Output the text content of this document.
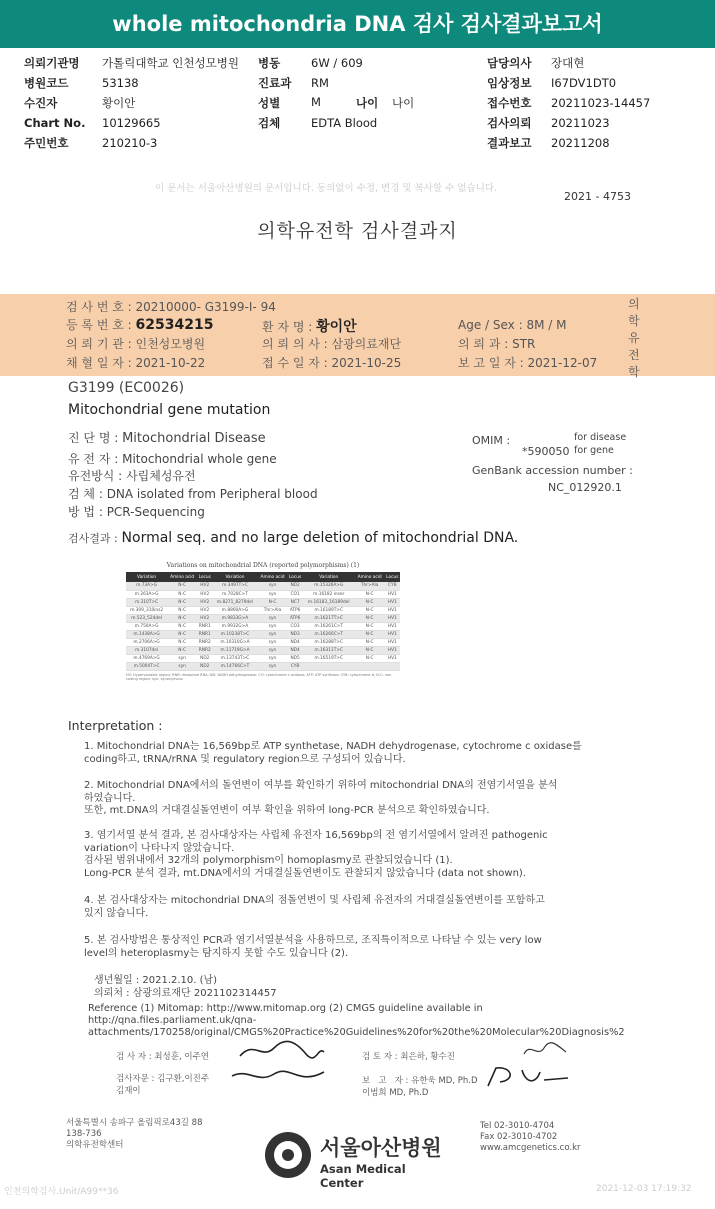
whole mitochondria DNA 검사 검사결과보고서
의뢰기관명	가톨릭대학교 인천성모병원	병동	6W / 609	담당의사	장대현
병원코드	53138	진료과	RM	임상정보	I67DV1DT0
수진자	황이안	성별	M	나이	나이	접수번호	20211023-14457
Chart No.	10129665	검체	EDTA Blood	검사의뢰	20211023
주민번호	210210-3	결과보고	20211208
이 문서는 서울아산병원의 문서입니다. 동의없이 수정, 변경 및 복사할 수 없습니다.
2021 - 4753
의학유전학 검사결과지
검 사 번 호 : 20210000- G3199-I- 94
등 록 번 호 : 62534215	환 자 명 : 황이안	Age / Sex : 8M / M
의 뢰 기 관 : 인천성모병원	의 뢰 의 사 : 삼광의료재단	의 뢰 과 : STR
채 혈 일 자 : 2021-10-22	접 수 일 자 : 2021-10-25	보 고 일 자 : 2021-12-07
의학유전학
G3199 (EC0026)
Mitochondrial gene mutation
진 단 명 : Mitochondrial Disease
유 전 자 : Mitochondrial whole gene
유전방식 : 사립체성유전
검 체 : DNA isolated from Peripheral blood
방 법 : PCR-Sequencing
OMIM :	for disease
*590050 for gene
GenBank accession number :
NC_012920.1
검사결과 : Normal seq. and no large deletion of mitochondrial DNA.
Variations on mitochondrial DNA (reported polymorphisms) (1)
Variation	Amino acid	Locus	Variation	Amino acid	Locus	Variation	Amino acid	Locus
m.73A>G	N-C	HV2	m.3497T>C	syn	ND2	m.15326A>G	Thr>Ala	CYB
m.263A>G	N-C	HV2	m.7028C>T	syn	CO1	m.16182 inser	N-C	HV1
m.310T>C	N-C	HV2	m.8271_8279del	N-C	NC7	m.16183_16189del	N-C	HV1
m.309_310ins2	N-C	HV2	m.8860A>G	Thr>Ala	ATP6	m.16189T>C	N-C	HV1
m.523_524del	N-C	HV2	m.9833G>A	syn	ATP6	m.16217T>C	N-C	HV1
m.750A>G	N-C	RNR1	m.9932G>A	syn	CO3	m.16261C>T	N-C	HV1
m.1438A>G	N-C	RNR1	m.10238T>C	syn	ND3	m.16266C>T	N-C	HV1
m.2706A>G	N-C	RNR2	m.10310G>A	syn	ND4	m.16288T>C	N-C	HV1
m.3107del	N-C	RNR2	m.11719G>A	syn	ND4	m.16311T>C	N-C	HV1
m.4769A>G	syn	ND2	m.13743T>C	syn	ND5	m.16519T>C	N-C	HV1
m.5004T>C	syn	ND2	m.14766C>T	syn	CYB			
HV: Hypervariable region; RNR: ribosomal RNA; ND: NADH dehydrogenase; CO: cytochrome c oxidase; ATP: ATP synthase; CYB: cytochrome b; N-C: non-coding region; syn: synonymous
Interpretation :
1. Mitochondrial DNA는 16,569bp로 ATP synthetase, NADH dehydrogenase, cytochrome c oxidase를
coding하고, tRNA/rRNA 및 regulatory region으로 구성되어 있습니다.
2. Mitochondrial DNA에서의 돌연변이 여부를 확인하기 위하여 mitochondrial DNA의 전염기서열을 분석
하였습니다.
또한, mt.DNA의 거대결실돌연변이 여부 확인을 위하여 long-PCR 분석으로 확인하였습니다.
3. 염기서열 분석 결과, 본 검사대상자는 사립체 유전자 16,569bp의 전 염기서열에서 알려진 pathogenic
variation이 나타나지 않았습니다.
검사된 범위내에서 32개의 polymorphism이 homoplasmy로 관찰되었습니다 (1).
Long-PCR 분석 결과, mt.DNA에서의 거대결실돌연변이도 관찰되지 않았습니다 (data not shown).
4. 본 검사대상자는 mitochondrial DNA의 점돌연변이 및 사립체 유전자의 거대결실돌연변이를 포함하고
있지 않습니다.
5. 본 검사방법은 통상적인 PCR과 염기서열분석을 사용하므로, 조직특이적으로 나타날 수 있는 very low
level의 heteroplasmy는 탐지하지 못할 수도 있습니다 (2).
생년월일 : 2021.2.10. (남)
의뢰처 : 삼광의료재단 2021102314457
Reference (1) Mitomap: http://www.mitomap.org (2) CMGS guideline available in
http://qna.files.parliament.uk/qna-
attachments/170258/original/CMGS%20Practice%20Guidelines%20for%20the%20Molecular%20Diagnosis%2
검 사 자 : 최성훈, 이주연	검 토 자 : 최은하, 황수진
검사자문 : 김구환,이진주
김재이
보   고   자 : 유한욱 MD, Ph.D
이범희 MD, Ph.D
서울특별시 송파구 올림픽로43길 88
138-736
의학유전학센터
Tel 02-3010-4704
Fax 02-3010-4702
www.amcgenetics.co.kr
서울아산병원
Asan Medical Center
인천의학검사.Unit/A99**36	2021-12-03 17:19:32
